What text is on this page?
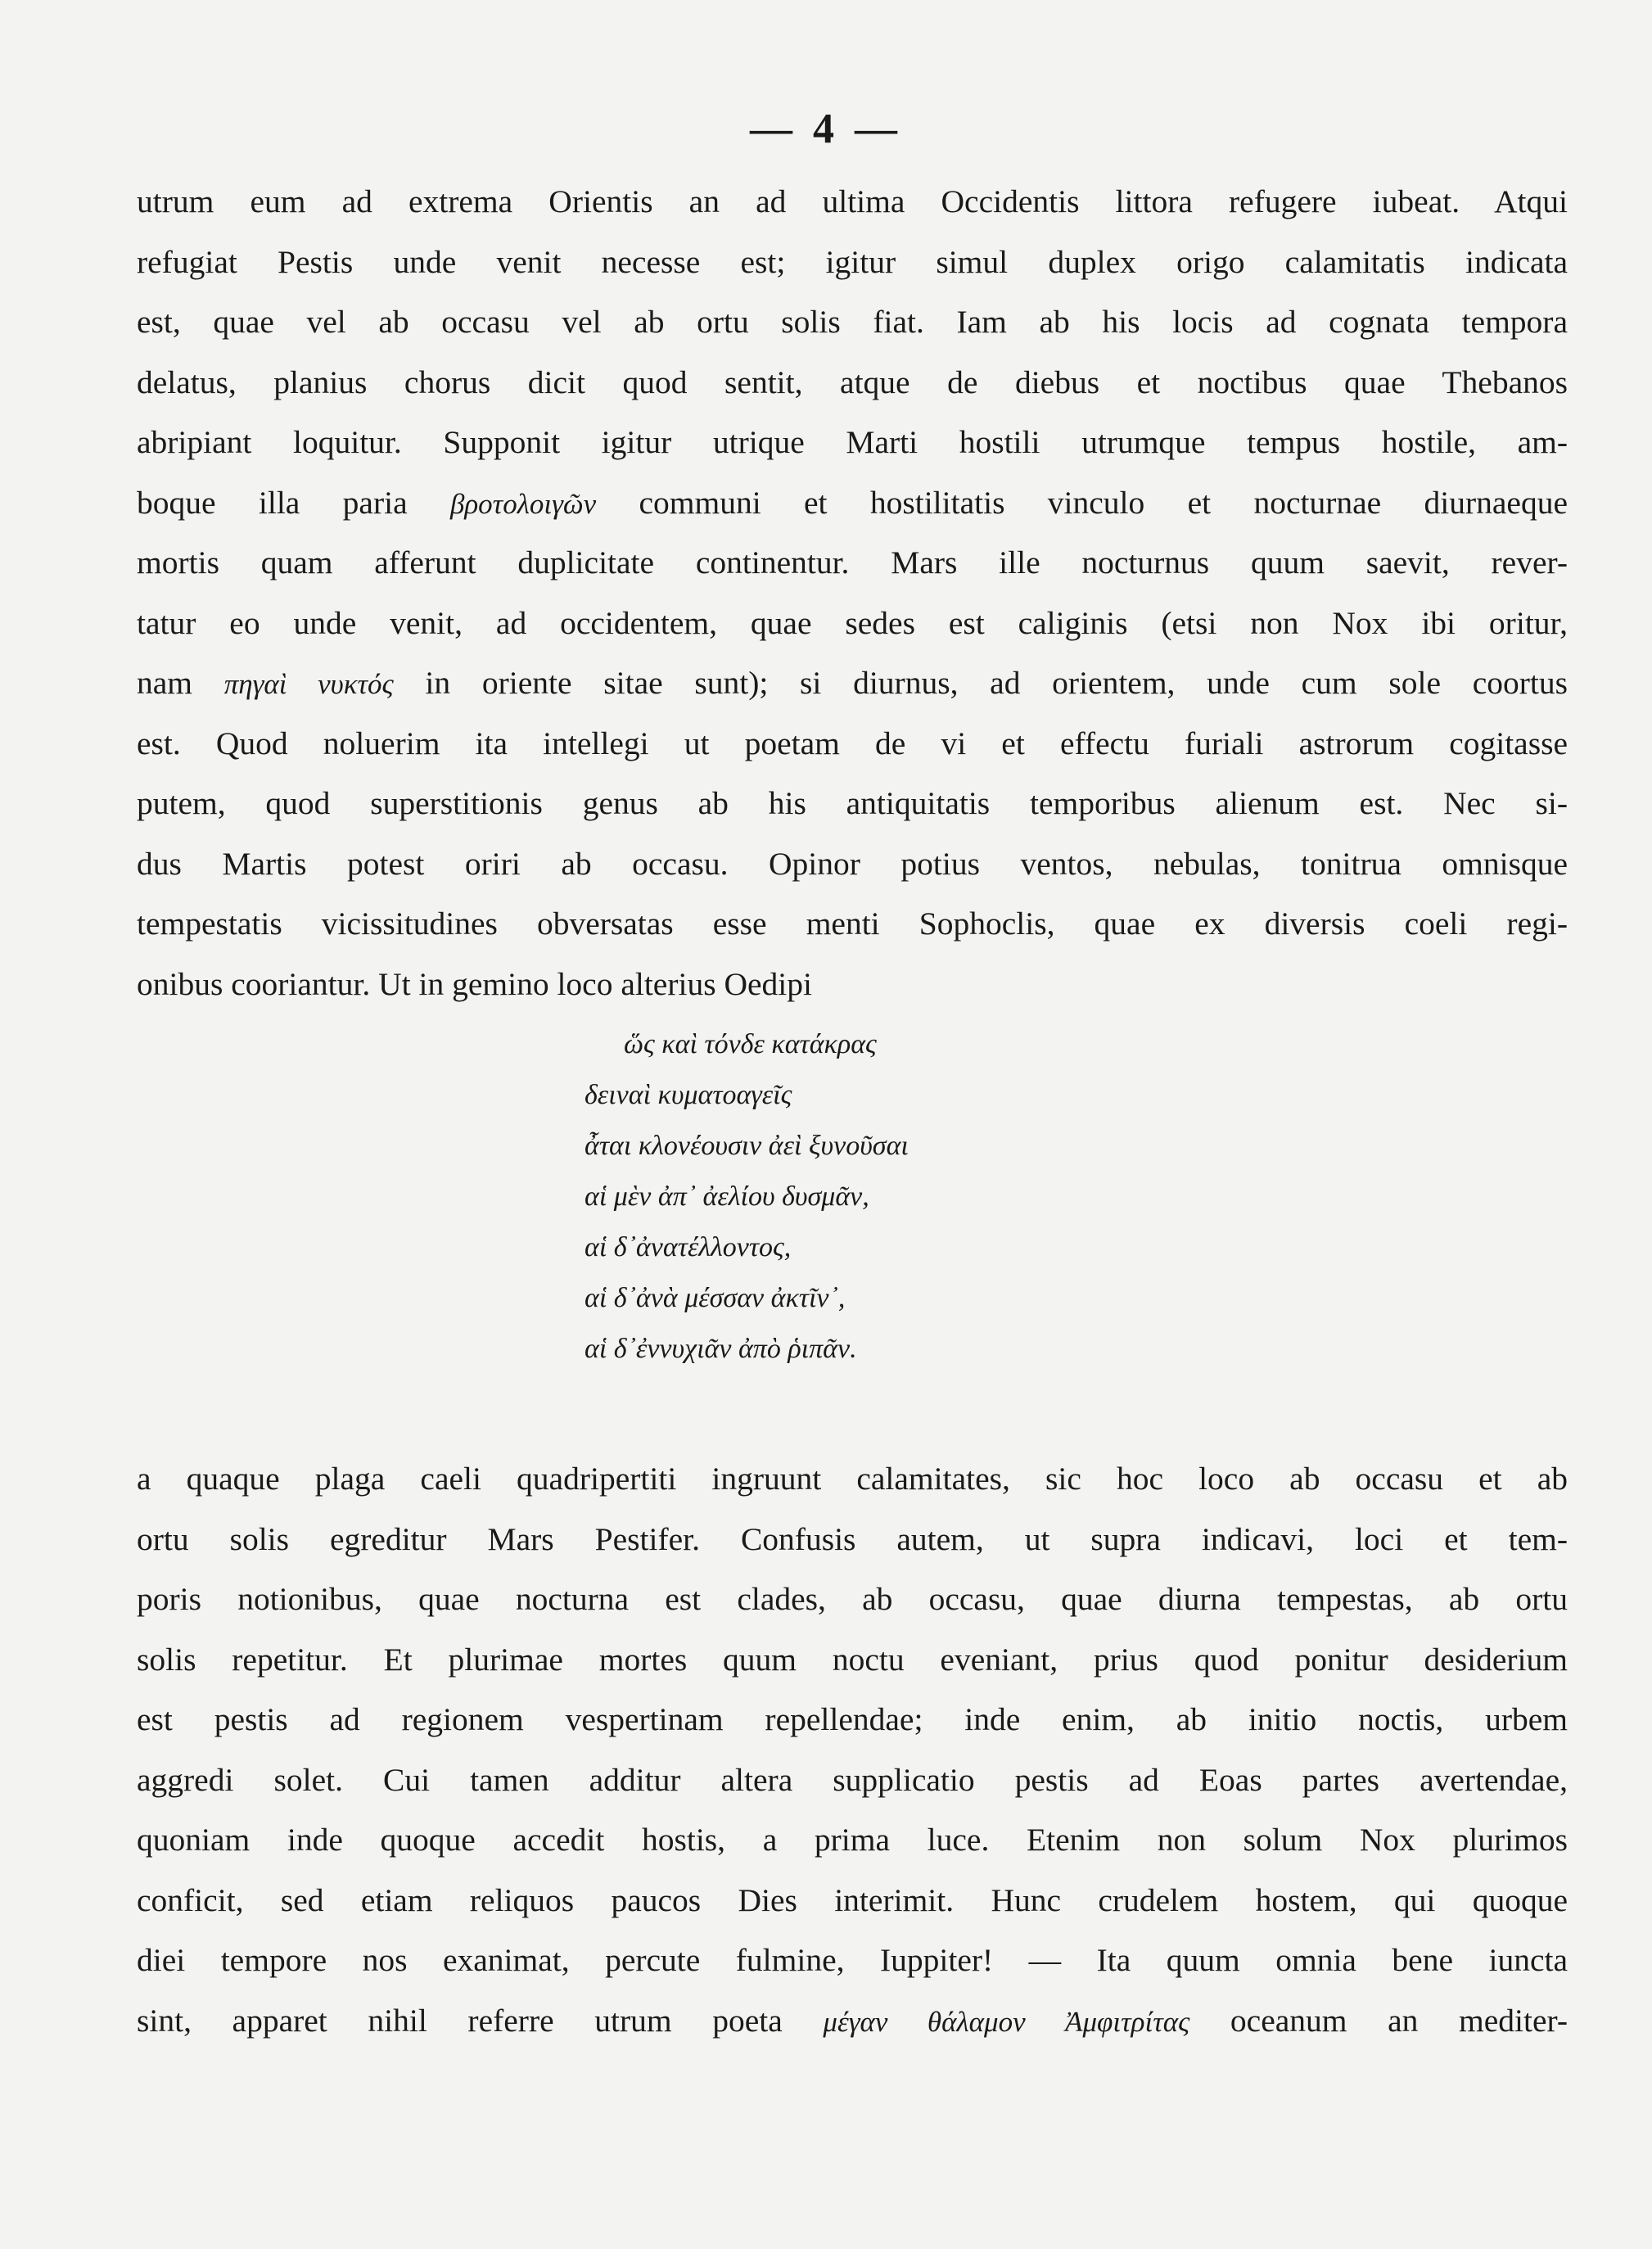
— 4 —
utrum eum ad extrema Orientis an ad ultima Occidentis littora refugere iubeat. Atqui
refugiat Pestis unde venit necesse est; igitur simul duplex origo calamitatis indicata
est, quae vel ab occasu vel ab ortu solis fiat. Iam ab his locis ad cognata tempora
delatus, planius chorus dicit quod sentit, atque de diebus et noctibus quae Thebanos
abripiant loquitur. Supponit igitur utrique Marti hostili utrumque tempus hostile, am-
boque illa paria βροτολοιγῶν communi et hostilitatis vinculo et nocturnae diurnaeque
mortis quam afferunt duplicitate continentur. Mars ille nocturnus quum saevit, rever-
tatur eo unde venit, ad occidentem, quae sedes est caliginis (etsi non Nox ibi oritur,
nam πηγαὶ νυκτός in oriente sitae sunt); si diurnus, ad orientem, unde cum sole coortus
est. Quod noluerim ita intellegi ut poetam de vi et effectu furiali astrorum cogitasse
putem, quod superstitionis genus ab his antiquitatis temporibus alienum est. Nec si-
dus Martis potest oriri ab occasu. Opinor potius ventos, nebulas, tonitrua omnisque
tempestatis vicissitudines obversatas esse menti Sophoclis, quae ex diversis coeli regi-
onibus cooriantur. Ut in gemino loco alterius Oedipi
ὥς καὶ τόνδε κατάκρας
δειναὶ κυματοαγεῖς
ἆται κλονέουσιν ἀεὶ ξυνοῦσαι
αἱ μὲν ἀπ᾽ ἀελίου δυσμᾶν,
αἱ δ᾽ἀνατέλλοντος,
αἱ δ᾽ἀνὰ μέσσαν ἀκτῖν᾽,
αἱ δ᾽ἐννυχιᾶν ἀπὸ ῥιπᾶν.
a quaque plaga caeli quadripertiti ingruunt calamitates, sic hoc loco ab occasu et ab
ortu solis egreditur Mars Pestifer. Confusis autem, ut supra indicavi, loci et tem-
poris notionibus, quae nocturna est clades, ab occasu, quae diurna tempestas, ab ortu
solis repetitur. Et plurimae mortes quum noctu eveniant, prius quod ponitur desiderium
est pestis ad regionem vespertinam repellendae; inde enim, ab initio noctis, urbem
aggredi solet. Cui tamen additur altera supplicatio pestis ad Eoas partes avertendae,
quoniam inde quoque accedit hostis, a prima luce. Etenim non solum Nox plurimos
conficit, sed etiam reliquos paucos Dies interimit. Hunc crudelem hostem, qui quoque
diei tempore nos exanimat, percute fulmine, Iuppiter! — Ita quum omnia bene iuncta
sint, apparet nihil referre utrum poeta μέγαν θάλαμον Ἀμφιτρίτας oceanum an mediter-
